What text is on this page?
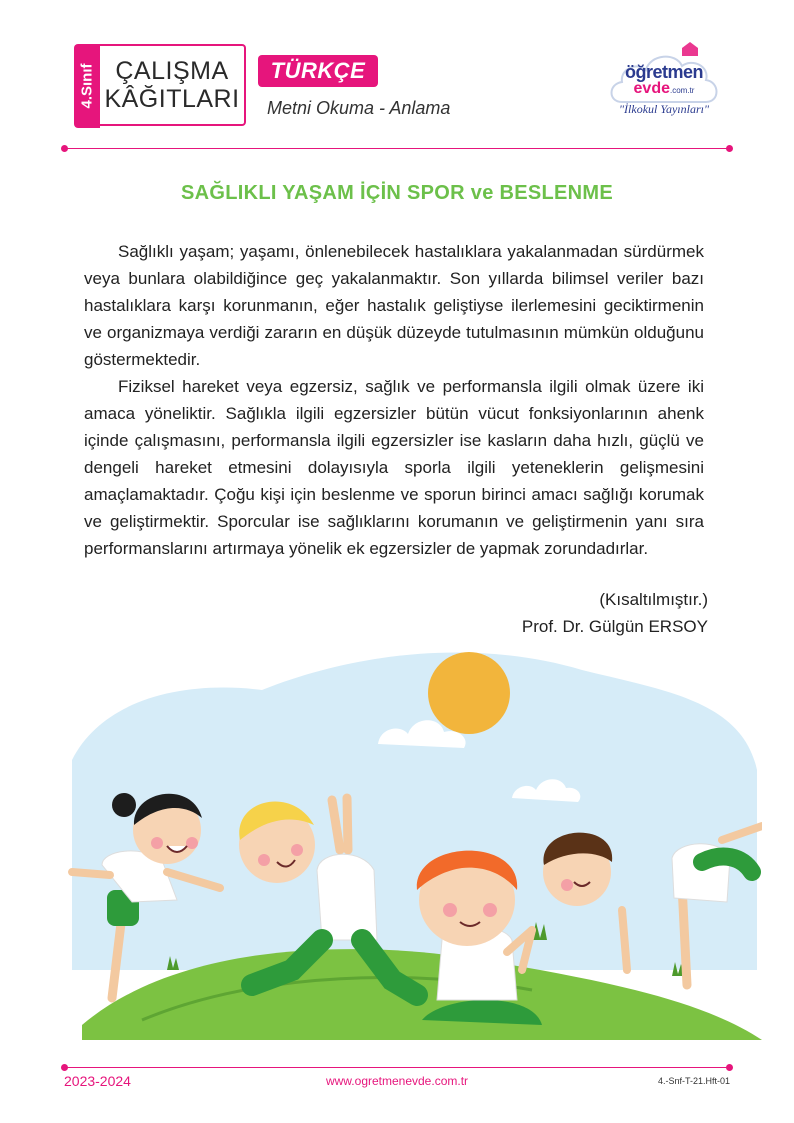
4.Sınıf ÇALIŞMA
KÂĞITLARI
TÜRKÇE
Metni Okuma - Anlama
öğretmen
evde.com.tr
"İlkokul Yayınları"
SAĞLIKLI YAŞAM İÇİN SPOR ve BESLENME

Sağlıklı yaşam; yaşamı, önlenebilecek hastalıklara yakalanmadan sürdürmek veya bunlara olabildiğince geç yakalanmaktır. Son yıllarda bilimsel veriler bazı hastalıklara karşı korunmanın, eğer hastalık geliştiyse ilerlemesini geciktirmenin ve organizmaya verdiği zararın en düşük düzeyde tutulmasının mümkün olduğunu göstermektedir.

Fiziksel hareket veya egzersiz, sağlık ve performansla ilgili olmak üzere iki amaca yöneliktir. Sağlıkla ilgili egzersizler bütün vücut fonksiyonlarının ahenk içinde çalışmasını, performansla ilgili egzersizler ise kasların daha hızlı, güçlü ve dengeli hareket etmesini dolayısıyla sporla ilgili yeteneklerin gelişmesini amaçlamaktadır. Çoğu kişi için beslenme ve sporun birinci amacı sağlığı korumak ve geliştirmektir. Sporcular ise sağlıklarını korumanın ve geliştirmenin yanı sıra performanslarını artırmaya yönelik ek egzersizler de yapmak zorundadırlar.

(Kısaltılmıştır.)
Prof. Dr. Gülgün ERSOY
2023-2024	www.ogretmenevde.com.tr	4.-Snf-T-21.Hft-01
